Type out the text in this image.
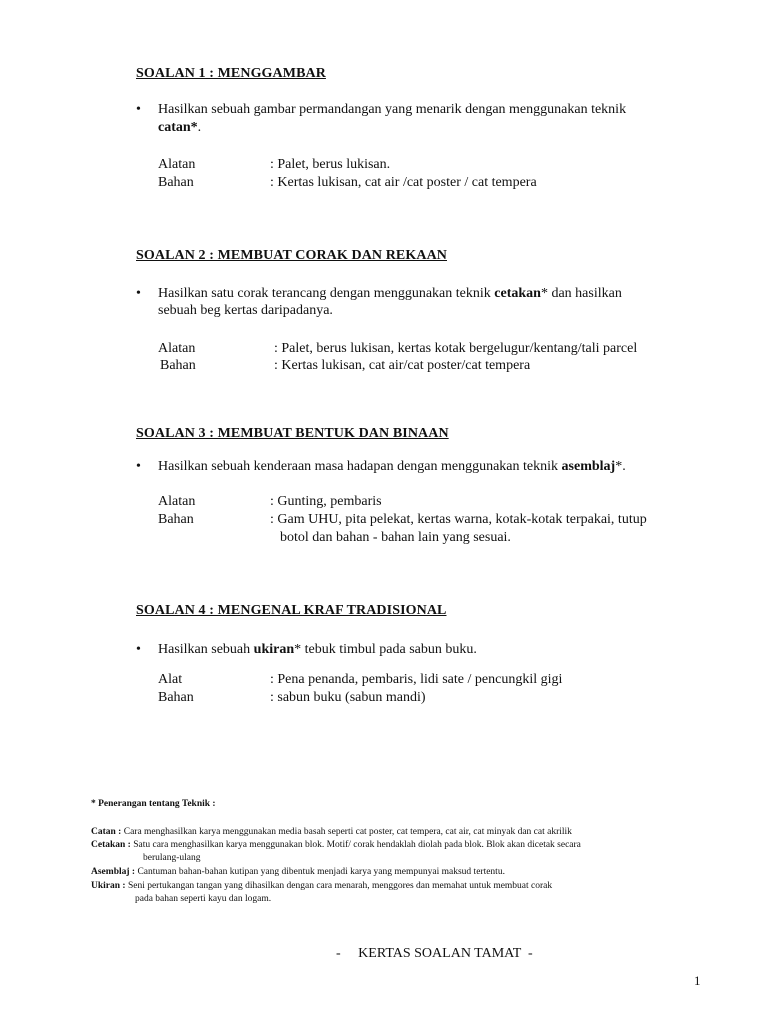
SOALAN 1 : MENGGAMBAR
• Hasilkan sebuah gambar permandangan yang menarik dengan menggunakan teknik
catan*.
Alatan	: Palet, berus lukisan.
Bahan	: Kertas lukisan, cat air /cat poster / cat tempera
SOALAN 2 : MEMBUAT CORAK DAN REKAAN
• Hasilkan satu corak terancang dengan menggunakan teknik cetakan* dan hasilkan
sebuah beg kertas daripadanya.
Alatan	: Palet, berus lukisan, kertas kotak bergelugur/kentang/tali parcel
Bahan	: Kertas lukisan, cat air/cat poster/cat tempera
SOALAN 3 : MEMBUAT BENTUK DAN BINAAN
• Hasilkan sebuah kenderaan masa hadapan dengan menggunakan teknik asemblaj*.
Alatan	: Gunting, pembaris
Bahan	: Gam UHU, pita pelekat, kertas warna, kotak-kotak terpakai, tutup
botol dan bahan - bahan lain yang sesuai.
SOALAN 4 : MENGENAL KRAF TRADISIONAL
• Hasilkan sebuah ukiran* tebuk timbul pada sabun buku.
Alat	: Pena penanda, pembaris, lidi sate / pencungkil gigi
Bahan	: sabun buku (sabun mandi)
* Penerangan tentang Teknik :
Catan : Cara menghasilkan karya menggunakan media basah seperti cat poster, cat tempera, cat air, cat minyak dan cat akrilik
Cetakan : Satu cara menghasilkan karya menggunakan blok. Motif/ corak hendaklah diolah pada blok. Blok akan dicetak secara
berulang-ulang
Asemblaj : Cantuman bahan-bahan kutipan yang dibentuk menjadi karya yang mempunyai maksud tertentu.
Ukiran : Seni pertukangan tangan yang dihasilkan dengan cara menarah, menggores dan memahat untuk membuat corak
pada bahan seperti kayu dan logam.
-     KERTAS SOALAN TAMAT  -
1
